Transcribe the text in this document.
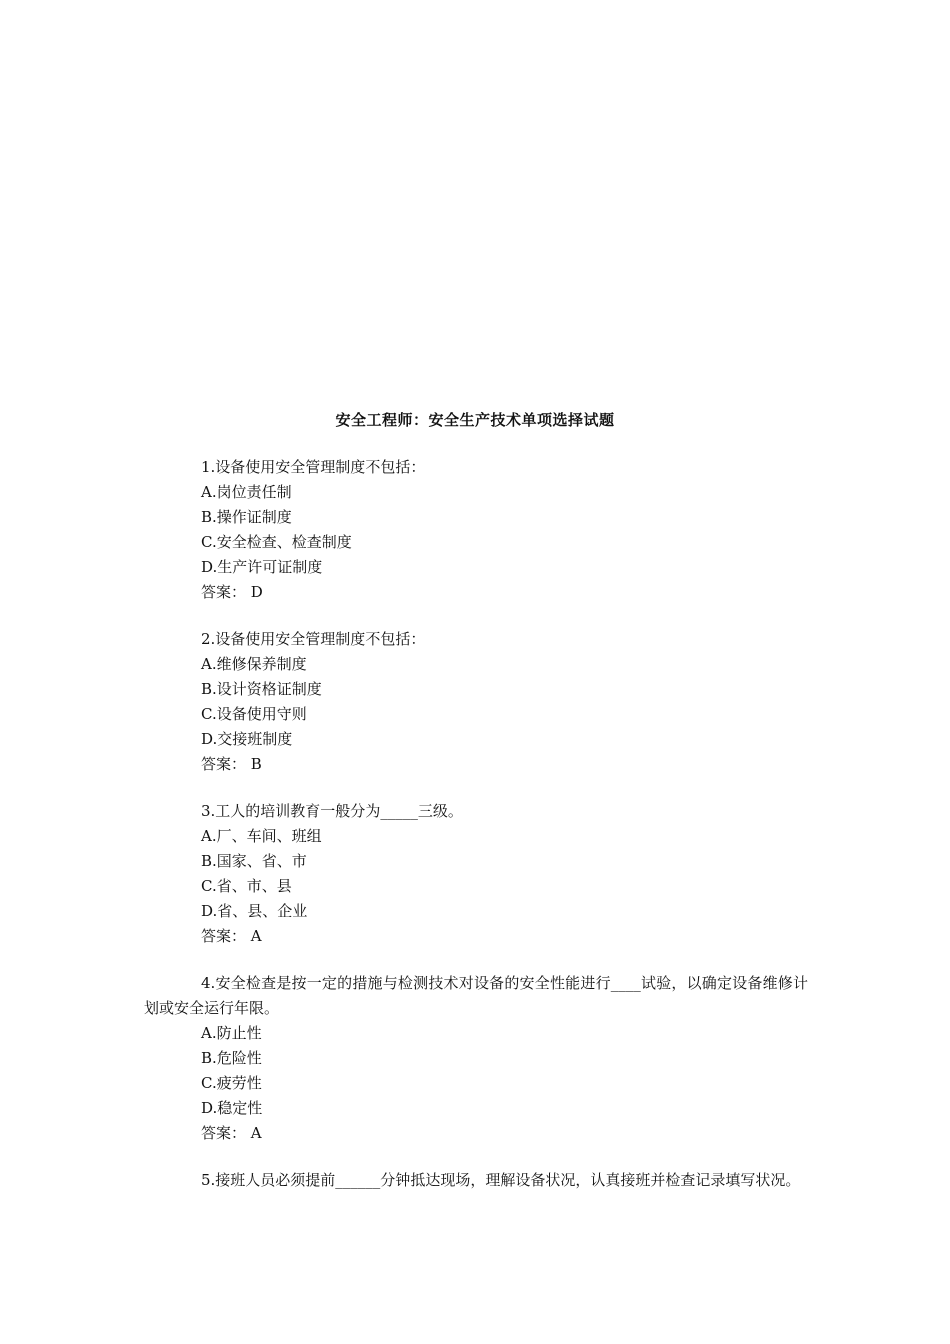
安全工程师：安全生产技术单项选择试题

1.设备使用安全管理制度不包括：

A.岗位责任制

B.操作证制度

C.安全检查、检查制度

D.生产许可证制度

答案： D

2.设备使用安全管理制度不包括：

A.维修保养制度

B.设计资格证制度

C.设备使用守则

D.交接班制度

答案： B

3.工人的培训教育一般分为_____三级。

A.厂、车间、班组

B.国家、省、市

C.省、市、县

D.省、县、企业

答案： A

4.安全检查是按一定的措施与检测技术对设备的安全性能进行____试验，以确定设备维修计划或安全运行年限。

A.防止性

B.危险性

C.疲劳性

D.稳定性

答案： A

5.接班人员必须提前______分钟抵达现场，理解设备状况，认真接班并检查记录填写状况。
